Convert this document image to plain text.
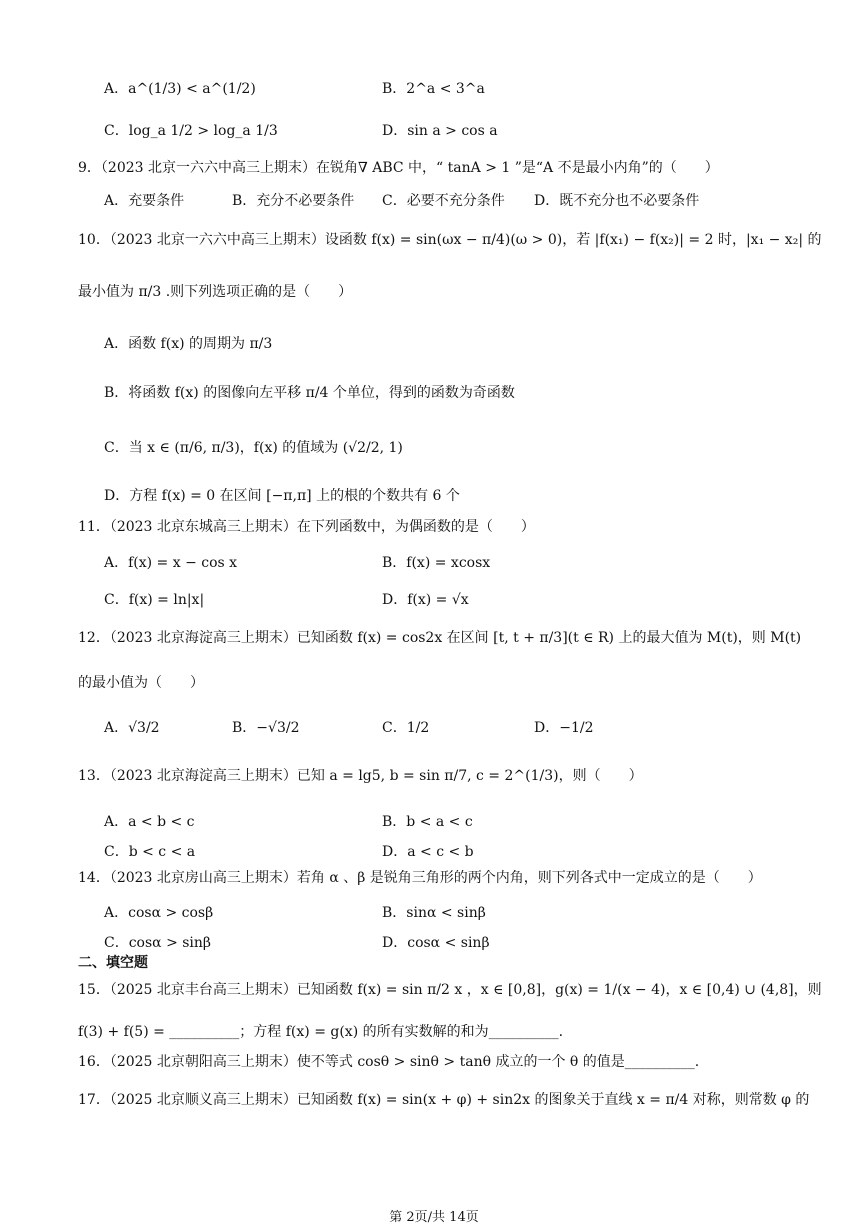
A．a^(1/3) < a^(1/2)	B．2^a < 3^a
C．log_a 1/2 > log_a 1/3	D．sin a > cos a
9．（2023 北京一六六中高三上期末）在锐角∇ ABC 中，“ tanA > 1 ”是“A 不是最小内角”的（　　）
A．充要条件	B．充分不必要条件 C．必要不充分条件 D．既不充分也不必要条件
10．（2023 北京一六六中高三上期末）设函数 f(x) = sin(ωx − π/4)(ω > 0)，若 |f(x₁) − f(x₂)| = 2 时，|x₁ − x₂| 的
最小值为 π/3 .则下列选项正确的是（　　）
A．函数 f(x) 的周期为 π/3
B．将函数 f(x) 的图像向左平移 π/4 个单位，得到的函数为奇函数
C．当 x ∈ (π/6, π/3)，f(x) 的值域为 (√2/2, 1)
D．方程 f(x) = 0 在区间 [−π,π] 上的根的个数共有 6 个
11．（2023 北京东城高三上期末）在下列函数中，为偶函数的是（　　）
A．f(x) = x − cos x	B．f(x) = xcosx
C．f(x) = ln|x|	D．f(x) = √x
12．（2023 北京海淀高三上期末）已知函数 f(x) = cos2x 在区间 [t, t + π/3](t ∈ R) 上的最大值为 M(t)，则 M(t)
的最小值为（　　）
A．√3/2	B．−√3/2	C．1/2	D．−1/2
13．（2023 北京海淀高三上期末）已知 a = lg5, b = sin π/7, c = 2^(1/3)，则（　　）
A．a < b < c	B．b < a < c
C．b < c < a	D．a < c < b
14．（2023 北京房山高三上期末）若角 α 、β 是锐角三角形的两个内角，则下列各式中一定成立的是（　　）
A．cosα > cosβ	B．sinα < sinβ
C．cosα > sinβ	D．cosα < sinβ
二、填空题
15．（2025 北京丰台高三上期末）已知函数 f(x) = sin π/2 x ，x ∈ [0,8]，g(x) = 1/(x − 4)，x ∈ [0,4) ∪ (4,8]，则
f(3) + f(5) = __________；方程 f(x) = g(x) 的所有实数解的和为__________.
16．（2025 北京朝阳高三上期末）使不等式 cosθ > sinθ > tanθ 成立的一个 θ 的值是__________.
17．（2025 北京顺义高三上期末）已知函数 f(x) = sin(x + φ) + sin2x 的图象关于直线 x = π/4 对称，则常数 φ 的
第 2页/共 14页
